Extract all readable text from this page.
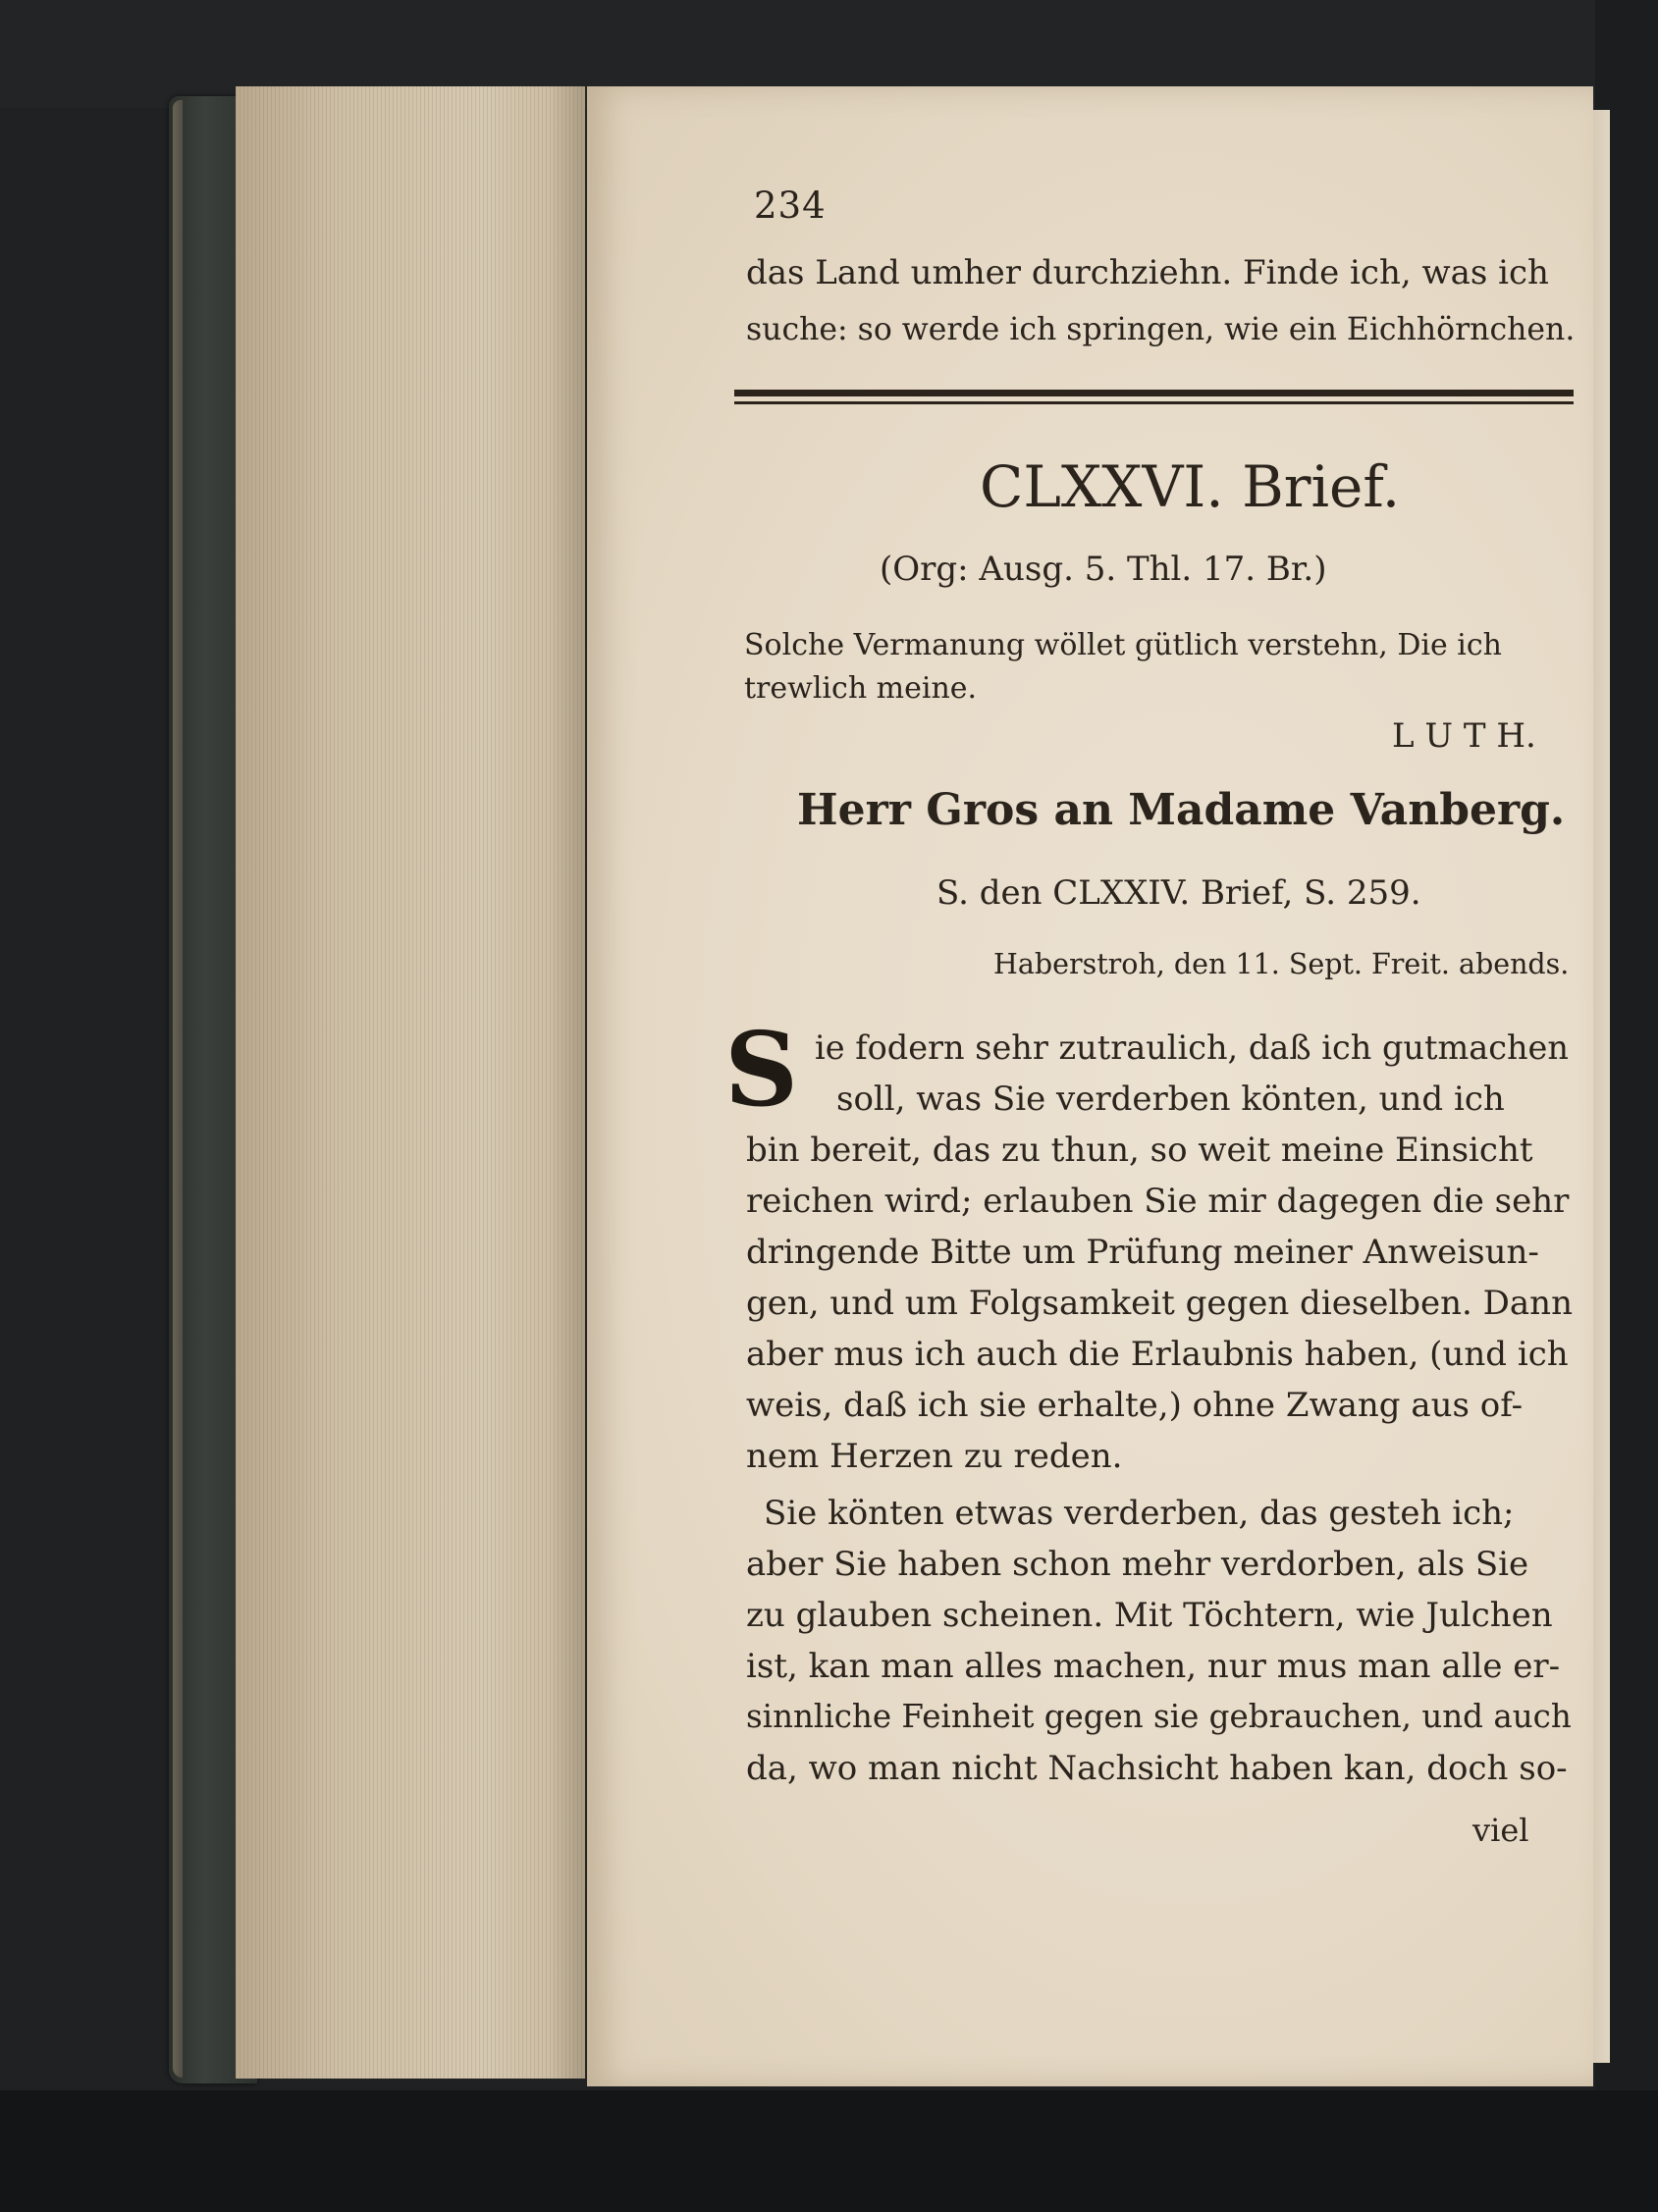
234
das Land umher durchziehn. Finde ich, was ich
suche: so werde ich springen, wie ein Eichhörnchen.
CLXXVI. Brief.
(Org: Ausg. 5. Thl. 17. Br.)
Solche Vermanung wöllet gütlich verstehn, Die ich
trewlich meine.
L U T H.
Herr Gros an Madame Vanberg.
S. den CLXXIV. Brief, S. 259.
Haberstroh, den 11. Sept. Freit. abends.
S ie fodern sehr zutraulich, daß ich gutmachen
soll, was Sie verderben könten, und ich
bin bereit, das zu thun, so weit meine Einsicht
reichen wird; erlauben Sie mir dagegen die sehr
dringende Bitte um Prüfung meiner Anweisun-
gen, und um Folgsamkeit gegen dieselben. Dann
aber mus ich auch die Erlaubnis haben, (und ich
weis, daß ich sie erhalte,) ohne Zwang aus of-
nem Herzen zu reden.
Sie könten etwas verderben, das gesteh ich;
aber Sie haben schon mehr verdorben, als Sie
zu glauben scheinen. Mit Töchtern, wie Julchen
ist, kan man alles machen, nur mus man alle er-
sinnliche Feinheit gegen sie gebrauchen, und auch
da, wo man nicht Nachsicht haben kan, doch so-
viel
